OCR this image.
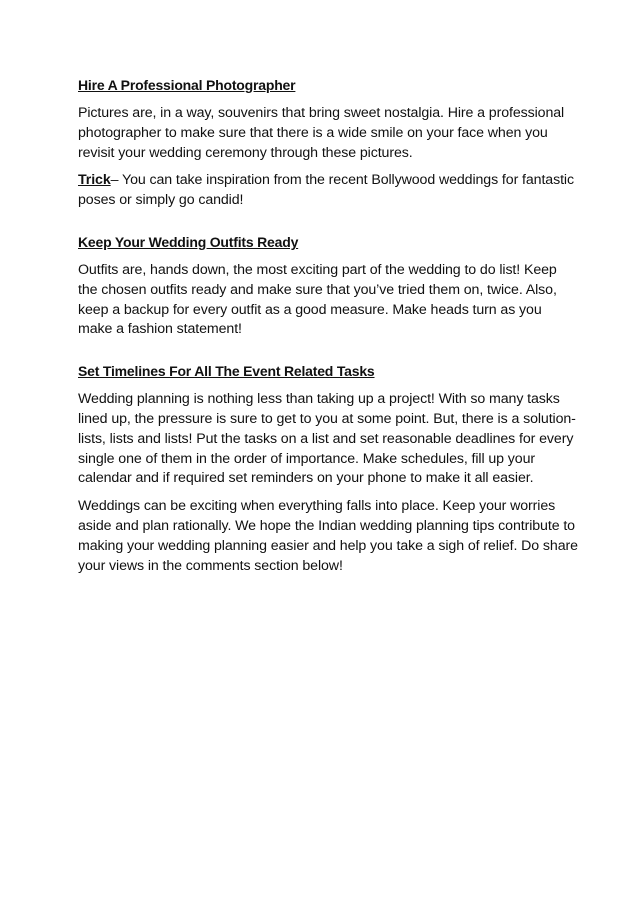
Hire A Professional Photographer

Pictures are, in a way, souvenirs that bring sweet nostalgia. Hire a professional photographer to make sure that there is a wide smile on your face when you revisit your wedding ceremony through these pictures.

Trick– You can take inspiration from the recent Bollywood weddings for fantastic poses or simply go candid!

Keep Your Wedding Outfits Ready

Outfits are, hands down, the most exciting part of the wedding to do list! Keep the chosen outfits ready and make sure that you’ve tried them on, twice. Also, keep a backup for every outfit as a good measure. Make heads turn as you make a fashion statement!

Set Timelines For All The Event Related Tasks

Wedding planning is nothing less than taking up a project! With so many tasks lined up, the pressure is sure to get to you at some point. But, there is a solution- lists, lists and lists! Put the tasks on a list and set reasonable deadlines for every single one of them in the order of importance. Make schedules, fill up your calendar and if required set reminders on your phone to make it all easier.

Weddings can be exciting when everything falls into place. Keep your worries aside and plan rationally. We hope the Indian wedding planning tips contribute to making your wedding planning easier and help you take a sigh of relief. Do share your views in the comments section below!
